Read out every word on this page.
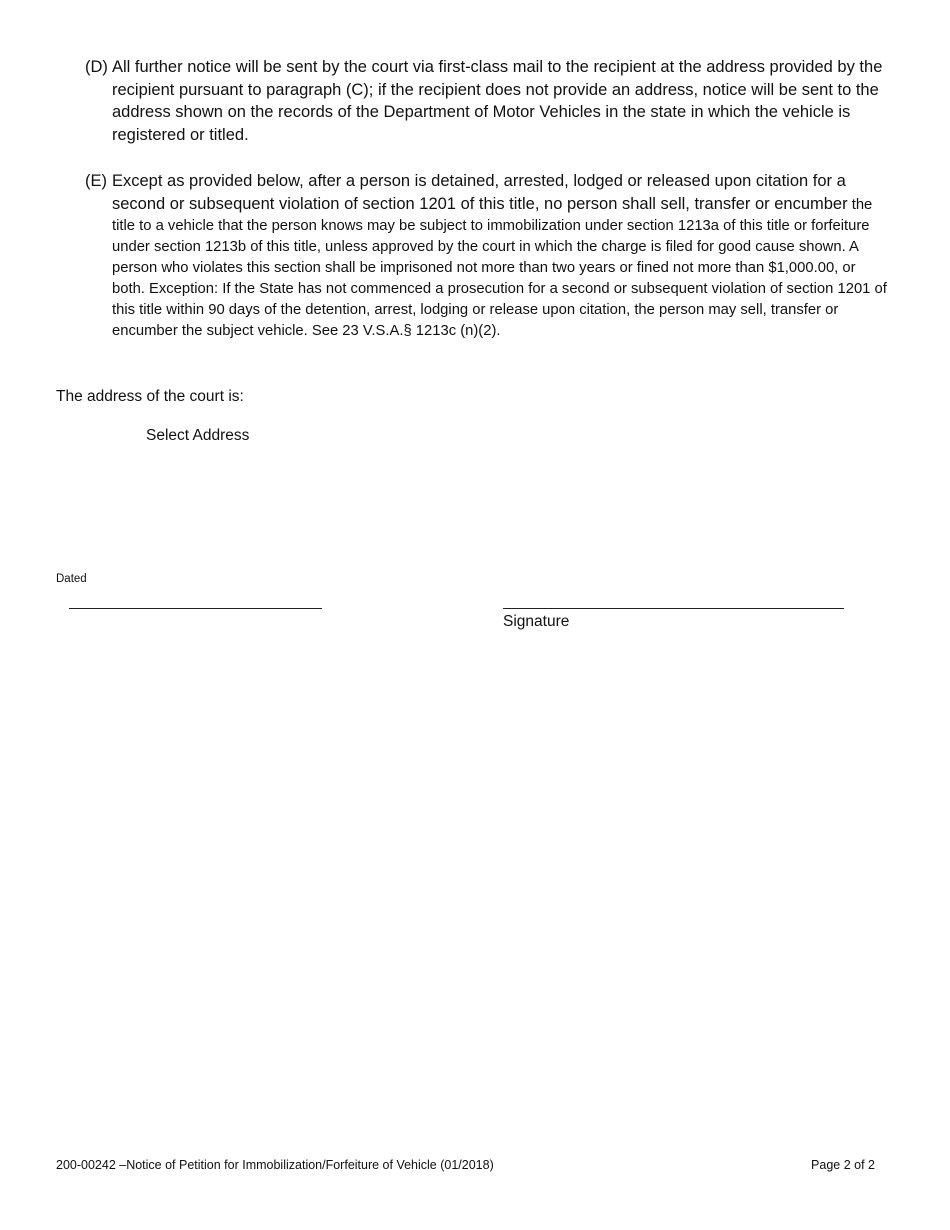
(D) All further notice will be sent by the court via first-class mail to the recipient at the address provided by the recipient pursuant to paragraph (C); if the recipient does not provide an address, notice will be sent to the address shown on the records of the Department of Motor Vehicles in the state in which the vehicle is registered or titled.
(E) Except as provided below, after a person is detained, arrested, lodged or released upon citation for a second or subsequent violation of section 1201 of this title, no person shall sell, transfer or encumber the title to a vehicle that the person knows may be subject to immobilization under section 1213a of this title or forfeiture under section 1213b of this title, unless approved by the court in which the charge is filed for good cause shown. A person who violates this section shall be imprisoned not more than two years or fined not more than $1,000.00, or both. Exception: If the State has not commenced a prosecution for a second or subsequent violation of section 1201 of this title within 90 days of the detention, arrest, lodging or release upon citation, the person may sell, transfer or encumber the subject vehicle. See 23 V.S.A.§ 1213c (n)(2).
The address of the court is:
Select Address
Dated
Signature
200-00242 –Notice of Petition for Immobilization/Forfeiture of Vehicle (01/2018)	Page 2 of 2
